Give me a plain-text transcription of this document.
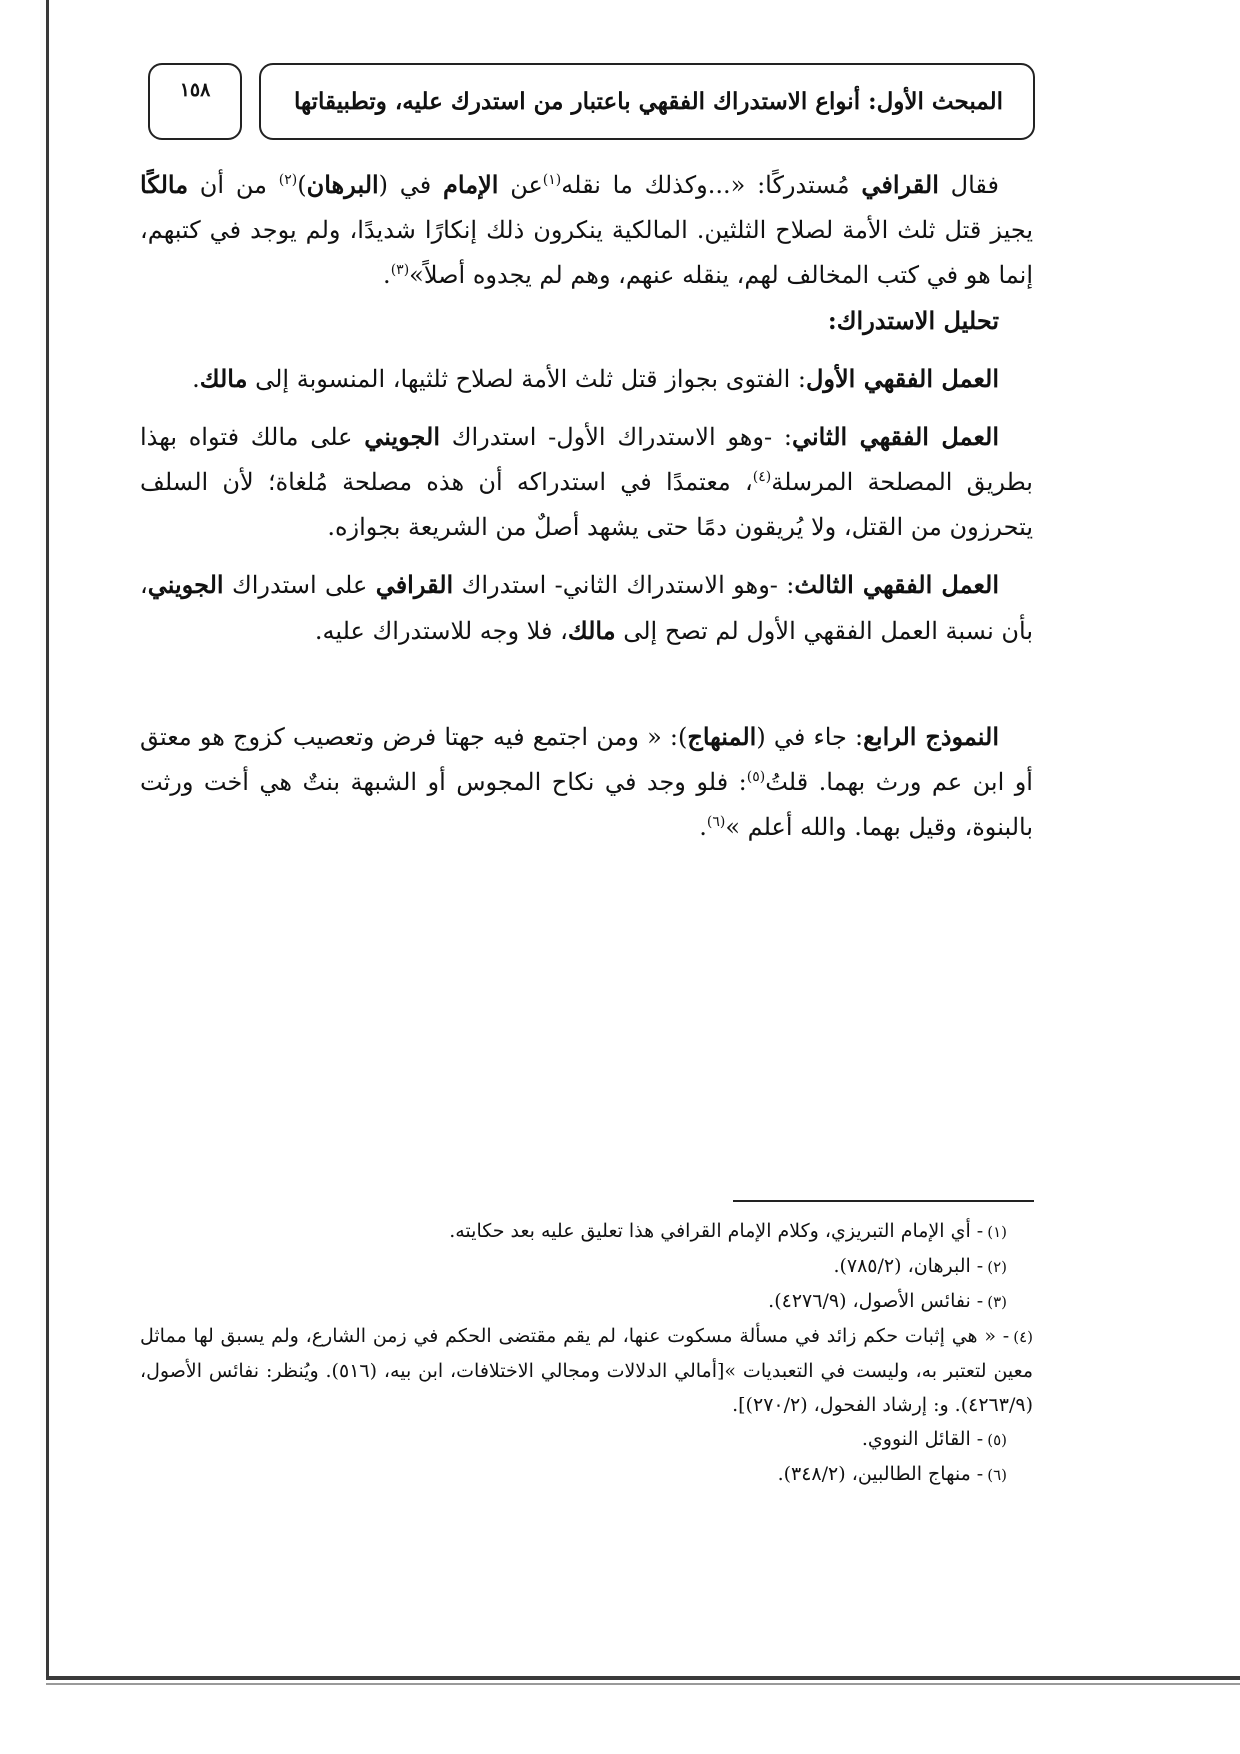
المبحث الأول: أنواع الاستدراك الفقهي باعتبار من استدرك عليه، وتطبيقاتها
١٥٨

فقال القرافي مُستدركًا: «...وكذلك ما نقله$^{(١)}$عن الإمام في (البرهان)$^{(٢)}$ من أن مالكًا يجيز قتل ثلث الأمة لصلاح الثلثين. المالكية ينكرون ذلك إنكارًا شديدًا، ولم يوجد في كتبهم، إنما هو في كتب المخالف لهم، ينقله عنهم، وهم لم يجدوه أصلاً»$^{(٣)}$.

تحليل الاستدراك:

العمل الفقهي الأول: الفتوى بجواز قتل ثلث الأمة لصلاح ثلثيها، المنسوبة إلى مالك.

العمل الفقهي الثاني: -وهو الاستدراك الأول- استدراك الجويني على مالك فتواه بهذا بطريق المصلحة المرسلة$^{(٤)}$، معتمدًا في استدراكه أن هذه مصلحة مُلغاة؛ لأن السلف يتحرزون من القتل، ولا يُريقون دمًا حتى يشهد أصلٌ من الشريعة بجوازه.

العمل الفقهي الثالث: -وهو الاستدراك الثاني- استدراك القرافي على استدراك الجويني، بأن نسبة العمل الفقهي الأول لم تصح إلى مالك، فلا وجه للاستدراك عليه.

النموذج الرابع: جاء في (المنهاج): « ومن اجتمع فيه جهتا فرض وتعصيب كزوج هو معتق أو ابن عم ورث بهما. قلتُ$^{(٥)}$: فلو وجد في نكاح المجوس أو الشبهة بنتٌ هي أخت ورثت بالبنوة، وقيل بهما. والله أعلم »$^{(٦)}$.

(١)- أي الإمام التبريزي، وكلام الإمام القرافي هذا تعليق عليه بعد حكايته.

(٢)- البرهان، (٧٨٥/٢).

(٣)- نفائس الأصول، (٤٢٧٦/٩).

(٤)- « هي إثبات حكم زائد في مسألة مسكوت عنها، لم يقم مقتضى الحكم في زمن الشارع، ولم يسبق لها مماثل معين لتعتبر به، وليست في التعبديات »[أمالي الدلالات ومجالي الاختلافات، ابن بيه، (٥١٦). ويُنظر: نفائس الأصول، (٤٢٦٣/٩). و: إرشاد الفحول، (٢٧٠/٢)].

(٥)- القائل النووي.

(٦)- منهاج الطالبين، (٣٤٨/٢).
